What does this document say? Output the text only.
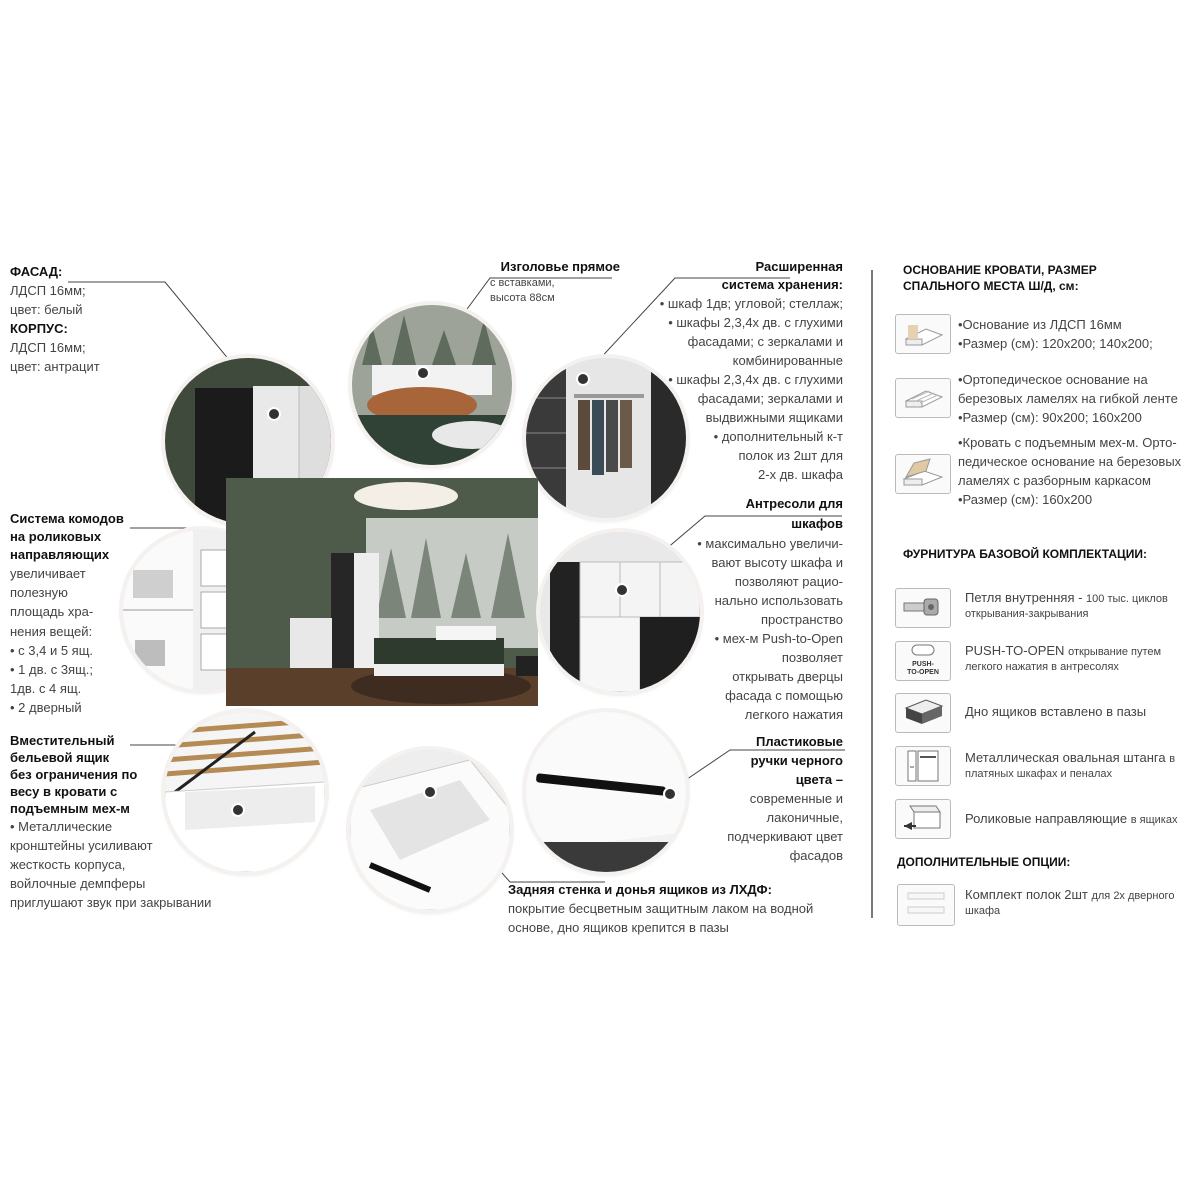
ФАСАД:
ЛДСП 16мм;
цвет: белый
КОРПУС:
ЛДСП 16мм;
цвет: антрацит
Система комодов
на роликовых
направляющих
увеличивает
полезную
площадь хра-
нения вещей:
• с 3,4 и 5 ящ.
• 1 дв. с 3ящ.;
1дв. с 4 ящ.
• 2 дверный
Вместительный
бельевой ящик
без ограничения по
весу в кровати с
подъемным мех-м
• Металлические
кронштейны усиливают
жесткость корпуса,
войлочные демпферы
приглушают звук при закрывании
Изголовье прямое
с вставками,
высота 88см
Расширенная
система хранения:
• шкаф 1дв; угловой; стеллаж;
• шкафы 2,3,4х дв. с глухими
фасадами; с зеркалами и
комбинированные
• шкафы 2,3,4х дв. с глухими
фасадами; зеркалами и
выдвижными ящиками
• дополнительный к-т
полок из 2шт для
2-х дв. шкафа
Антресоли для
шкафов
• максимально увеличи-
вают высоту шкафа и
позволяют рацио-
нально использовать
пространство
• мех-м Push-to-Open
позволяет
открывать дверцы
фасада с помощью
легкого нажатия
Пластиковые
ручки черного
цвета –
современные и
лаконичные,
подчеркивают цвет
фасадов
Задняя стенка и донья ящиков из ЛХДФ:
покрытие бесцветным защитным лаком на водной
основе, дно ящиков крепится в пазы
ОСНОВАНИЕ КРОВАТИ, РАЗМЕР
СПАЛЬНОГО МЕСТА Ш/Д, см:
•Основание из ЛДСП 16мм
•Размер (см): 120х200; 140х200;
•Ортопедическое основание на
березовых ламелях на гибкой ленте
•Размер (см): 90х200; 160х200
•Кровать с подъемным мех-м. Орто-
педическое основание на березовых
ламелях с разборным каркасом
•Размер (см): 160х200
ФУРНИТУРА БАЗОВОЙ КОМПЛЕКТАЦИИ:
Петля внутренняя - 100 тыс. циклов
открывания-закрывания
PUSH-
TO-OPEN
PUSH-TO-OPEN открывание путем
легкого нажатия в антресолях
Дно ящиков вставлено в пазы
Металлическая овальная штанга в
платяных шкафах и пеналах
Роликовые направляющие в ящиках
ДОПОЛНИТЕЛЬНЫЕ ОПЦИИ:
Комплект полок 2шт для 2х дверного
шкафа
